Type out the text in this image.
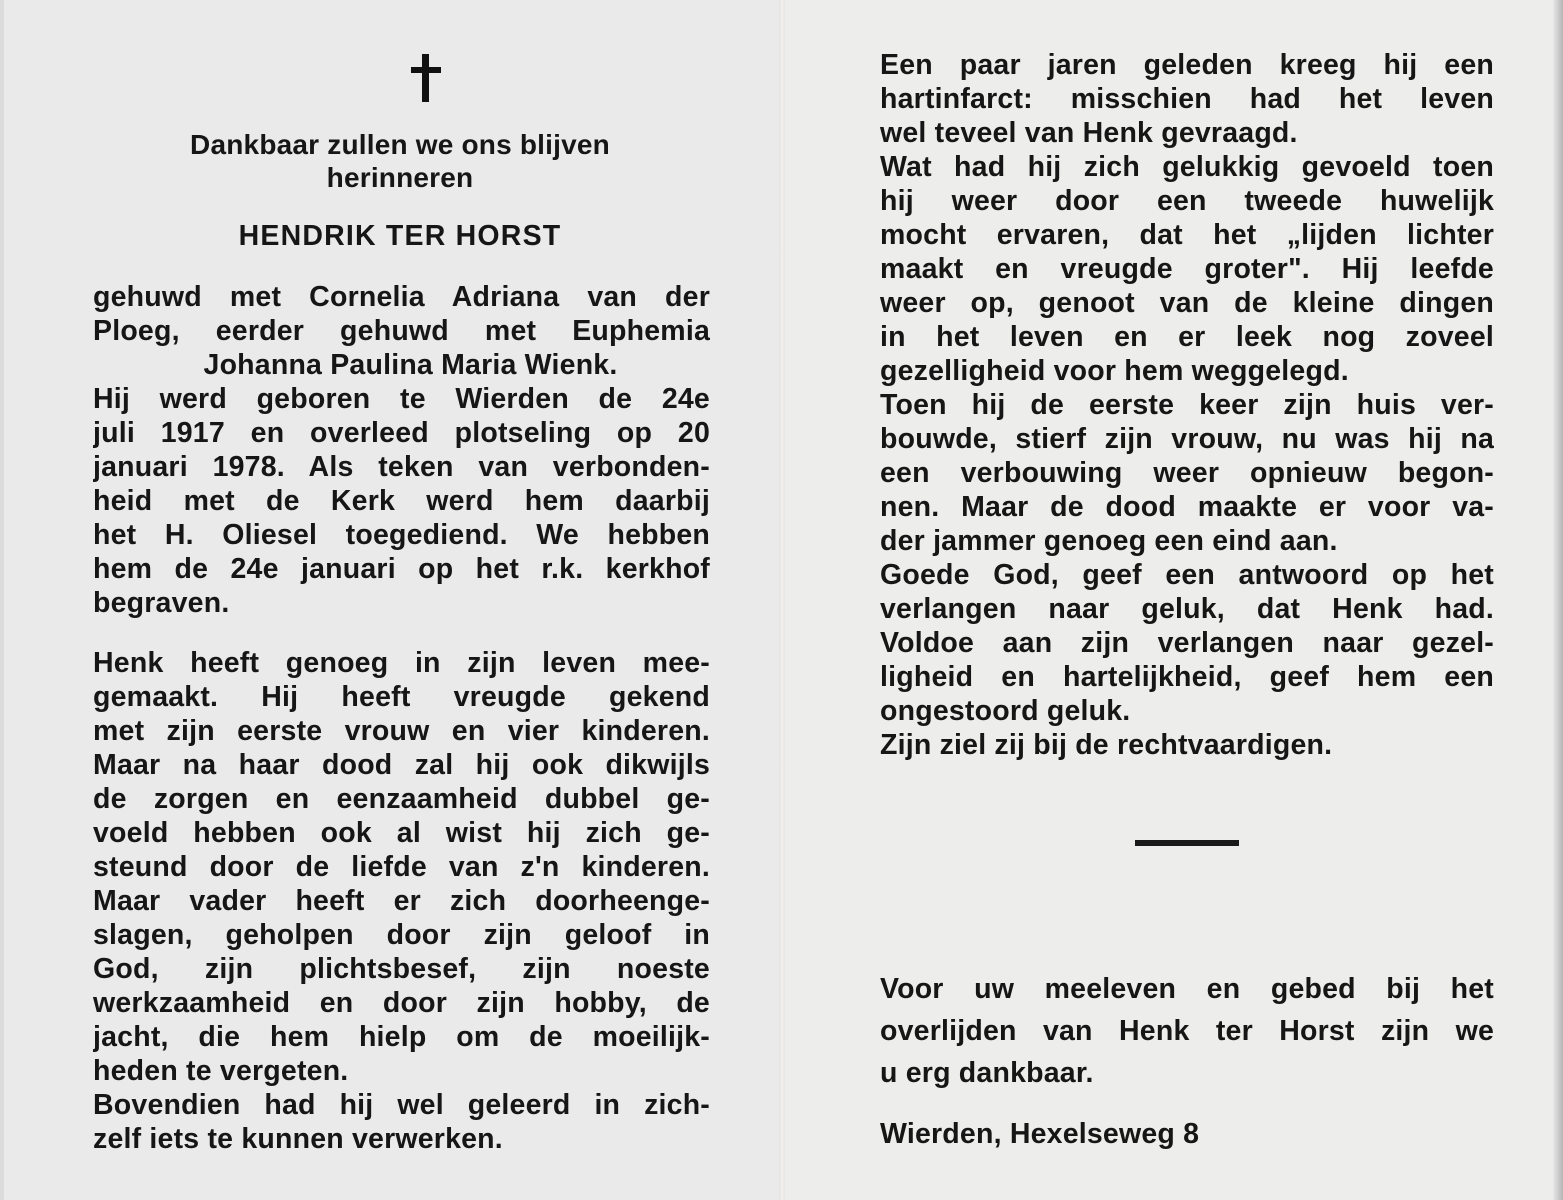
Dankbaar zullen we ons blijven
herinneren
HENDRIK TER HORST
gehuwd met Cornelia Adriana van der
Ploeg, eerder gehuwd met Euphemia
Johanna Paulina Maria Wienk.
Hij werd geboren te Wierden de 24e
juli 1917 en overleed plotseling op 20
januari 1978. Als teken van verbonden-
heid met de Kerk werd hem daarbij
het H. Oliesel toegediend. We hebben
hem de 24e januari op het r.k. kerkhof
begraven.
Henk heeft genoeg in zijn leven mee-
gemaakt. Hij heeft vreugde gekend
met zijn eerste vrouw en vier kinderen.
Maar na haar dood zal hij ook dikwijls
de zorgen en eenzaamheid dubbel ge-
voeld hebben ook al wist hij zich ge-
steund door de liefde van z'n kinderen.
Maar vader heeft er zich doorheenge-
slagen, geholpen door zijn geloof in
God, zijn plichtsbesef, zijn noeste
werkzaamheid en door zijn hobby, de
jacht, die hem hielp om de moeilijk-
heden te vergeten.
Bovendien had hij wel geleerd in zich-
zelf iets te kunnen verwerken.
Een paar jaren geleden kreeg hij een
hartinfarct: misschien had het leven
wel teveel van Henk gevraagd.
Wat had hij zich gelukkig gevoeld toen
hij weer door een tweede huwelijk
mocht ervaren, dat het „lijden lichter
maakt en vreugde groter". Hij leefde
weer op, genoot van de kleine dingen
in het leven en er leek nog zoveel
gezelligheid voor hem weggelegd.
Toen hij de eerste keer zijn huis ver-
bouwde, stierf zijn vrouw, nu was hij na
een verbouwing weer opnieuw begon-
nen. Maar de dood maakte er voor va-
der jammer genoeg een eind aan.
Goede God, geef een antwoord op het
verlangen naar geluk, dat Henk had.
Voldoe aan zijn verlangen naar gezel-
ligheid en hartelijkheid, geef hem een
ongestoord geluk.
Zijn ziel zij bij de rechtvaardigen.
Voor uw meeleven en gebed bij het
overlijden van Henk ter Horst zijn we
u erg dankbaar.
Wierden, Hexelseweg 8
